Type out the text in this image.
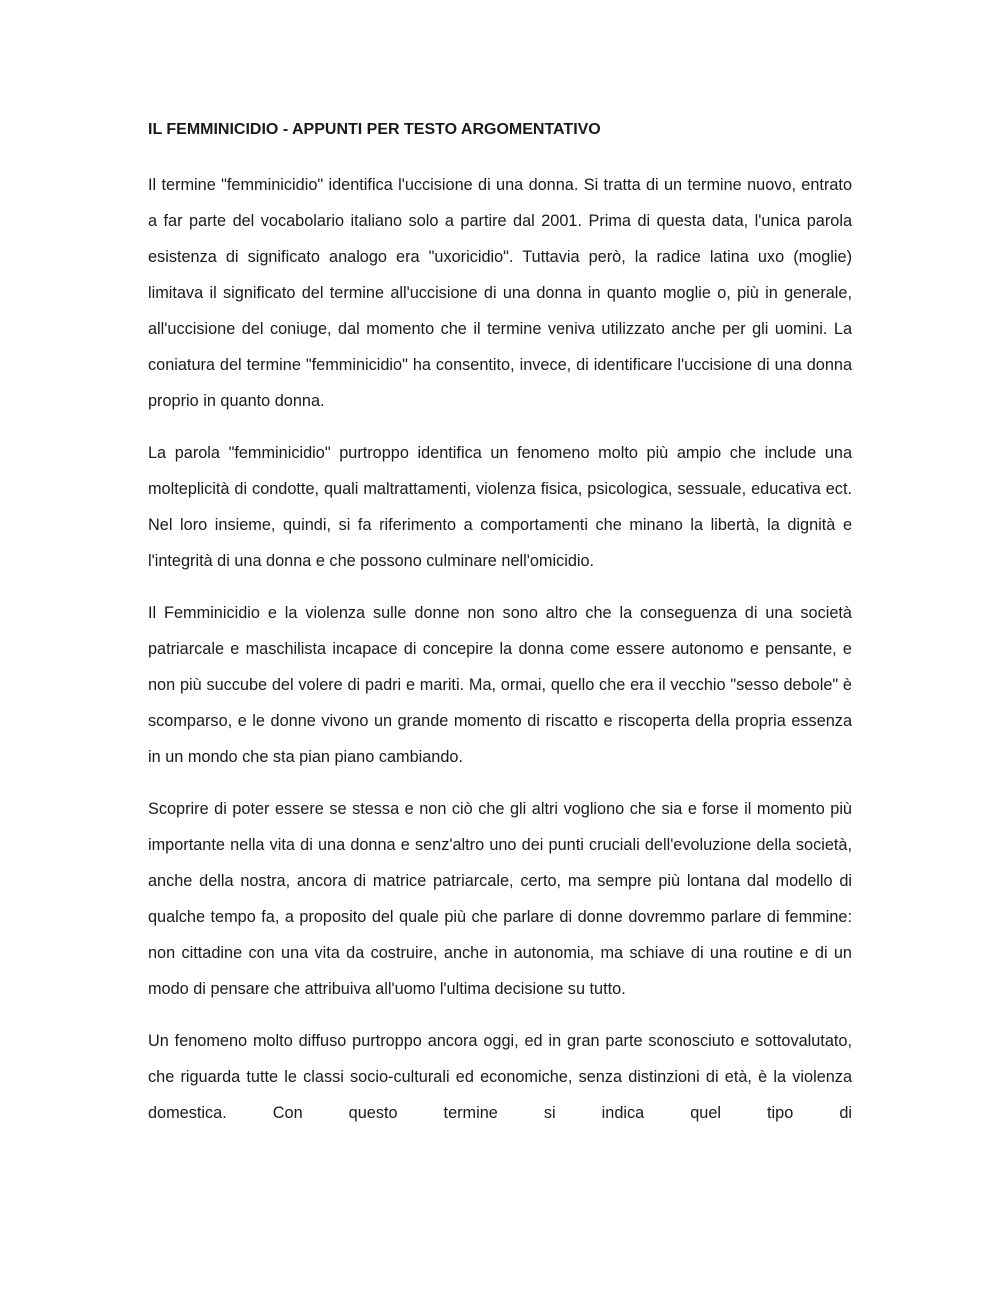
IL FEMMINICIDIO - APPUNTI PER TESTO ARGOMENTATIVO

Il termine "femminicidio" identifica l'uccisione di una donna. Si tratta di un termine nuovo, entrato a far parte del vocabolario italiano solo a partire dal 2001. Prima di questa data, l'unica parola esistenza di significato analogo era "uxoricidio". Tuttavia però, la radice latina uxo (moglie) limitava il significato del termine all'uccisione di una donna in quanto moglie o, più in generale, all'uccisione del coniuge, dal momento che il termine veniva utilizzato anche per gli uomini. La coniatura del termine "femminicidio" ha consentito, invece, di identificare l'uccisione di una donna proprio in quanto donna.

La parola "femminicidio" purtroppo identifica un fenomeno molto più ampio che include una molteplicità di condotte, quali maltrattamenti, violenza fisica, psicologica, sessuale, educativa ect. Nel loro insieme, quindi, si fa riferimento a comportamenti che minano la libertà, la dignità e l'integrità di una donna e che possono culminare nell'omicidio.

Il Femminicidio e la violenza sulle donne non sono altro che la conseguenza di una società patriarcale e maschilista incapace di concepire la donna come essere autonomo e pensante, e non più succube del volere di padri e mariti. Ma, ormai, quello che era il vecchio "sesso debole" è scomparso, e le donne vivono un grande momento di riscatto e riscoperta della propria essenza in un mondo che sta pian piano cambiando.

Scoprire di poter essere se stessa e non ciò che gli altri vogliono che sia e forse il momento più importante nella vita di una donna e senz'altro uno dei punti cruciali dell'evoluzione della società, anche della nostra, ancora di matrice patriarcale, certo, ma sempre più lontana dal modello di qualche tempo fa, a proposito del quale più che parlare di donne dovremmo parlare di femmine: non cittadine con una vita da costruire, anche in autonomia, ma schiave di una routine e di un modo di pensare che attribuiva all'uomo l'ultima decisione su tutto.

Un fenomeno molto diffuso purtroppo ancora oggi, ed in gran parte sconosciuto e sottovalutato, che riguarda tutte le classi socio-culturali ed economiche, senza distinzioni di età, è la violenza domestica. Con questo termine si indica quel tipo di
